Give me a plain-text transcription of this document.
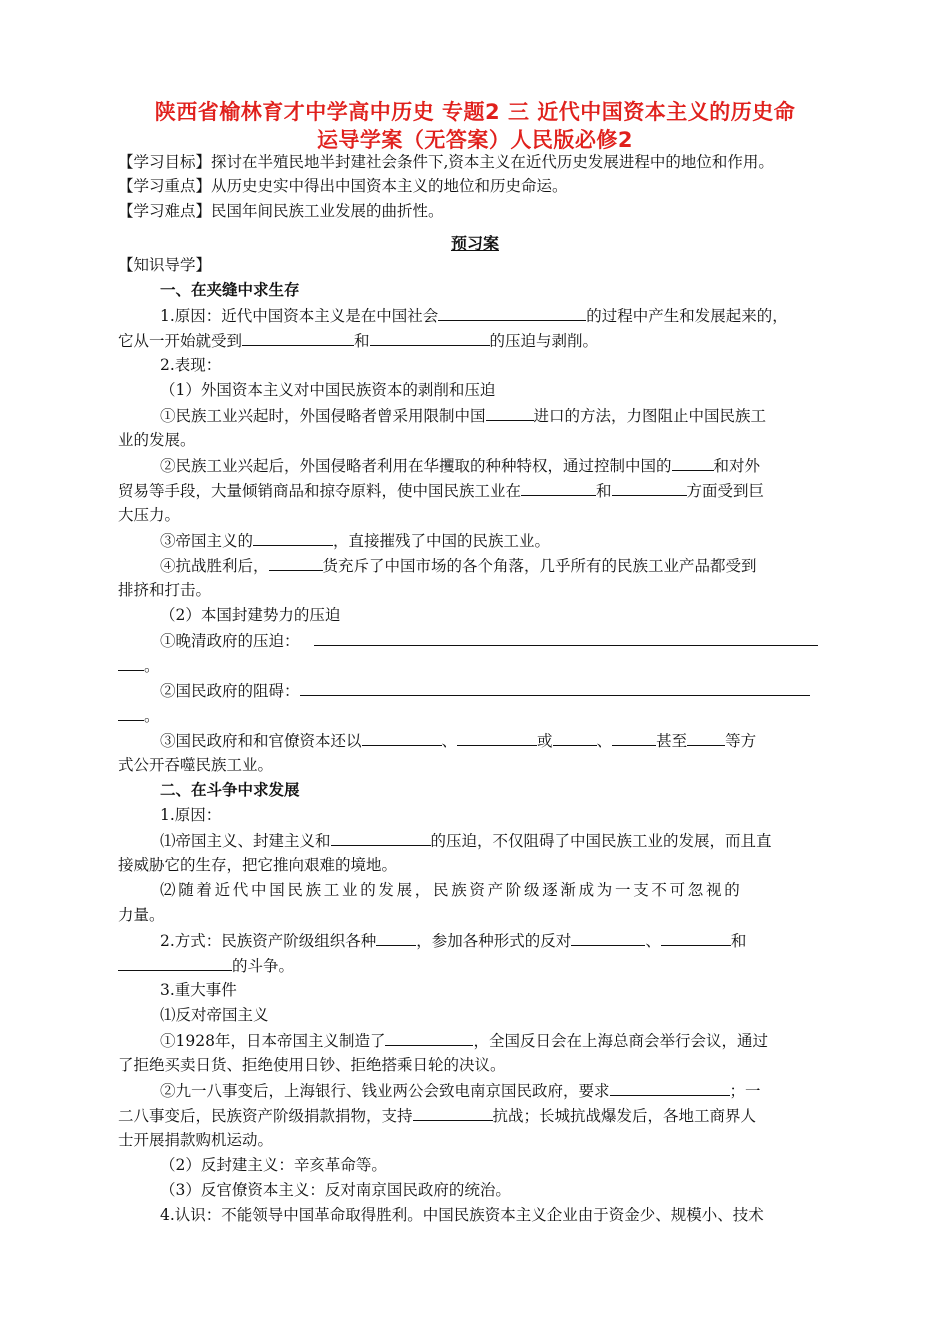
陕西省榆林育才中学高中历史 专题2 三 近代中国资本主义的历史命
运导学案（无答案）人民版必修2
【学习目标】探讨在半殖民地半封建社会条件下,资本主义在近代历史发展进程中的地位和作用。
【学习重点】从历史史实中得出中国资本主义的地位和历史命运。
【学习难点】民国年间民族工业发展的曲折性。
预习案
【知识导学】
一、在夹缝中求生存
1.原因：近代中国资本主义是在中国社会	的过程中产生和发展起来的，
它从一开始就受到	和	的压迫与剥削。
2.表现：
（1）外国资本主义对中国民族资本的剥削和压迫
①民族工业兴起时，外国侵略者曾采用限制中国	进口的方法，力图阻止中国民族工
业的发展。
②民族工业兴起后，外国侵略者利用在华攫取的种种特权，通过控制中国的	和对外
贸易等手段，大量倾销商品和掠夺原料，使中国民族工业在	和	方面受到巨
大压力。
③帝国主义的	，直接摧残了中国的民族工业。
④抗战胜利后，	货充斥了中国市场的各个角落，几乎所有的民族工业产品都受到
排挤和打击。
（2）本国封建势力的压迫
①晚清政府的压迫：
。
②国民政府的阻碍：
。
③国民政府和和官僚资本还以	、	或	、	甚至 等方
式公开吞噬民族工业。
二、在斗争中求发展
1.原因：
⑴帝国主义、封建主义和	的压迫，不仅阻碍了中国民族工业的发展，而且直
接威胁它的生存，把它推向艰难的境地。
⑵随着近代中国民族工业的发展，民族资产阶级逐渐成为一支不可忽视的
力量。
2.方式：民族资产阶级组织各种	，参加各种形式的反对	、	和
的斗争。
3.重大事件
⑴反对帝国主义
①1928年，日本帝国主义制造了	，全国反日会在上海总商会举行会议，通过
了拒绝买卖日货、拒绝使用日钞、拒绝搭乘日轮的决议。
②九一八事变后，上海银行、钱业两公会致电南京国民政府，要求	；一
二八事变后，民族资产阶级捐款捐物，支持	抗战；长城抗战爆发后，各地工商界人
士开展捐款购机运动。
（2）反封建主义：辛亥革命等。
（3）反官僚资本主义：反对南京国民政府的统治。
4.认识：不能领导中国革命取得胜利。中国民族资本主义企业由于资金少、规模小、技术
